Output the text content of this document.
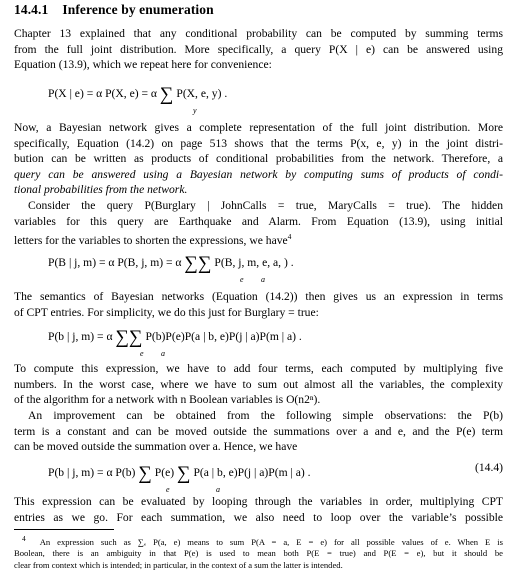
14.4.1 Inference by enumeration
Chapter 13 explained that any conditional probability can be computed by summing terms
from the full joint distribution. More specifically, a query P(X | e) can be answered using
Equation (13.9), which we repeat here for convenience:
P(X | e) = α P(X, e) = α ∑ P(X, e, y) .
y
Now, a Bayesian network gives a complete representation of the full joint distribution. More
specifically, Equation (14.2) on page 513 shows that the terms P(x, e, y) in the joint distri-
bution can be written as products of conditional probabilities from the network. Therefore, a
query can be answered using a Bayesian network by computing sums of products of condi-
tional probabilities from the network.
Consider the query P(Burglary | JohnCalls = true, MaryCalls = true). The hidden
variables for this query are Earthquake and Alarm. From Equation (13.9), using initial
letters for the variables to shorten the expressions, we have$^4$
P(B | j, m) = α P(B, j, m) = α ∑∑ P(B, j, m, e, a, ) .
e a
The semantics of Bayesian networks (Equation (14.2)) then gives us an expression in terms
of CPT entries. For simplicity, we do this just for Burglary = true:
P(b | j, m) = α ∑∑ P(b)P(e)P(a | b, e)P(j | a)P(m | a) .
e a
To compute this expression, we have to add four terms, each computed by multiplying five
numbers. In the worst case, where we have to sum out almost all the variables, the complexity
of the algorithm for a network with n Boolean variables is O(n2ⁿ).
An improvement can be obtained from the following simple observations: the P(b)
term is a constant and can be moved outside the summations over a and e, and the P(e) term
can be moved outside the summation over a. Hence, we have
P(b | j, m) = α P(b) ∑ P(e) ∑ P(a | b, e)P(j | a)P(m | a) .
e	a
(14.4)
This expression can be evaluated by looping through the variables in order, multiplying CPT
entries as we go. For each summation, we also need to loop over the variable’s possible
$^4$ An expression such as ∑ₑ P(a, e) means to sum P(A = a, E = e) for all possible values of e. When E is
Boolean, there is an ambiguity in that P(e) is used to mean both P(E = true) and P(E = e), but it should be
clear from context which is intended; in particular, in the context of a sum the latter is intended.
